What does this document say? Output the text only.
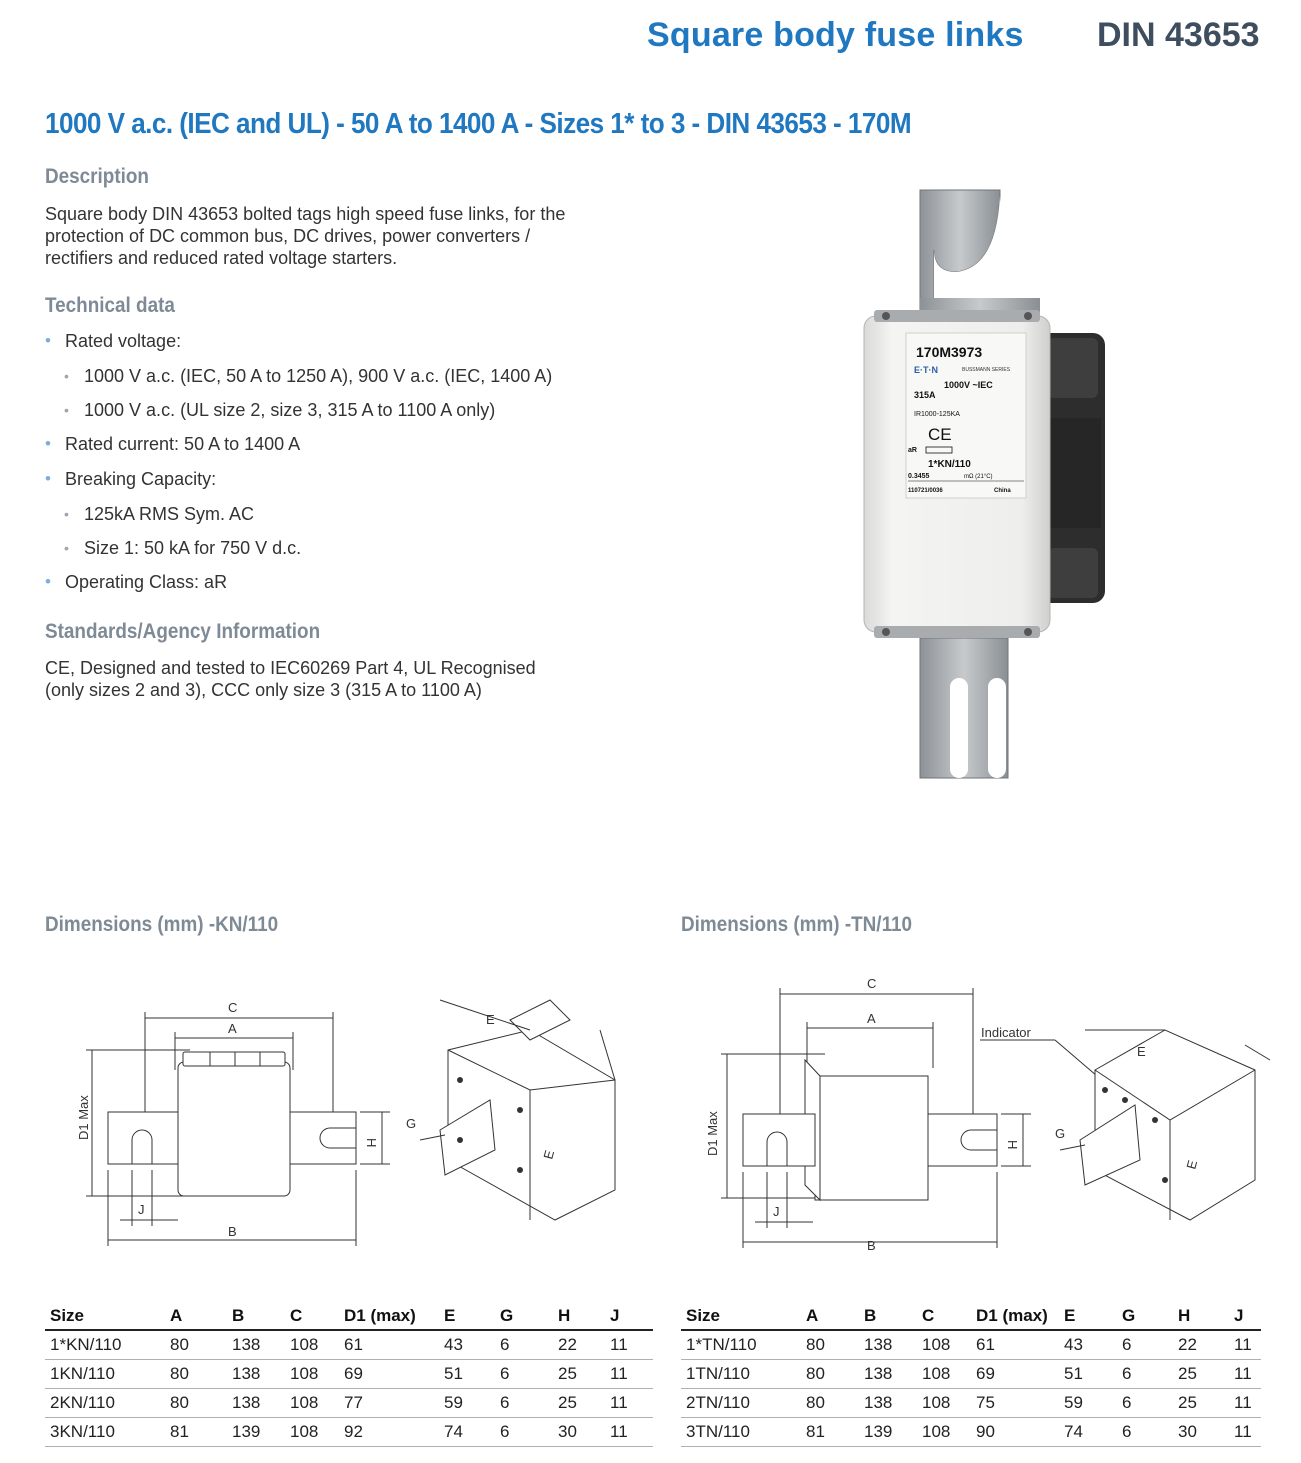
Square body fuse links DIN 43653
1000 V a.c. (IEC and UL) - 50 A to 1400 A - Sizes 1* to 3 - DIN 43653 - 170M
Description
Square body DIN 43653 bolted tags high speed fuse links, for the
protection of DC common bus, DC drives, power converters /
rectifiers and reduced rated voltage starters.
Technical data
• Rated voltage:
• 1000 V a.c. (IEC, 50 A to 1250 A), 900 V a.c. (IEC, 1400 A)
• 1000 V a.c. (UL size 2, size 3, 315 A to 1100 A only)
• Rated current: 50 A to 1400 A
• Breaking Capacity:
• 125kA RMS Sym. AC
• Size 1: 50 kA for 750 V d.c.
• Operating Class: aR
Standards/Agency Information
CE, Designed and tested to IEC60269 Part 4, UL Recognised
(only sizes 2 and 3), CCC only size 3 (315 A to 1100 A)
170M3973
E·T·N	BUSSMANN SERIES
1000V ~IEC
315A
IR1000-125KA
CE
aR
1*KN/110
0.3455	mΩ (21°C)
110721/0036	China
Dimensions (mm) -KN/110	Dimensions (mm) -TN/110
C
A
D1 Max
J
B
H
G
E
E
C
A
D1 Max
J
B
H
G
E
E
Indicator
Size	A	B	C	D1 (max)	E	G	H	J
1*KN/110	80	138	108	61	43	6	22	11
1KN/110	80	138	108	69	51	6	25	11
2KN/110	80	138	108	77	59	6	25	11
3KN/110	81	139	108	92	74	6	30	11
Size	A	B	C	D1 (max)	E	G	H	J
1*TN/110	80	138	108	61	43	6	22	11
1TN/110	80	138	108	69	51	6	25	11
2TN/110	80	138	108	75	59	6	25	11
3TN/110	81	139	108	90	74	6	30	11
